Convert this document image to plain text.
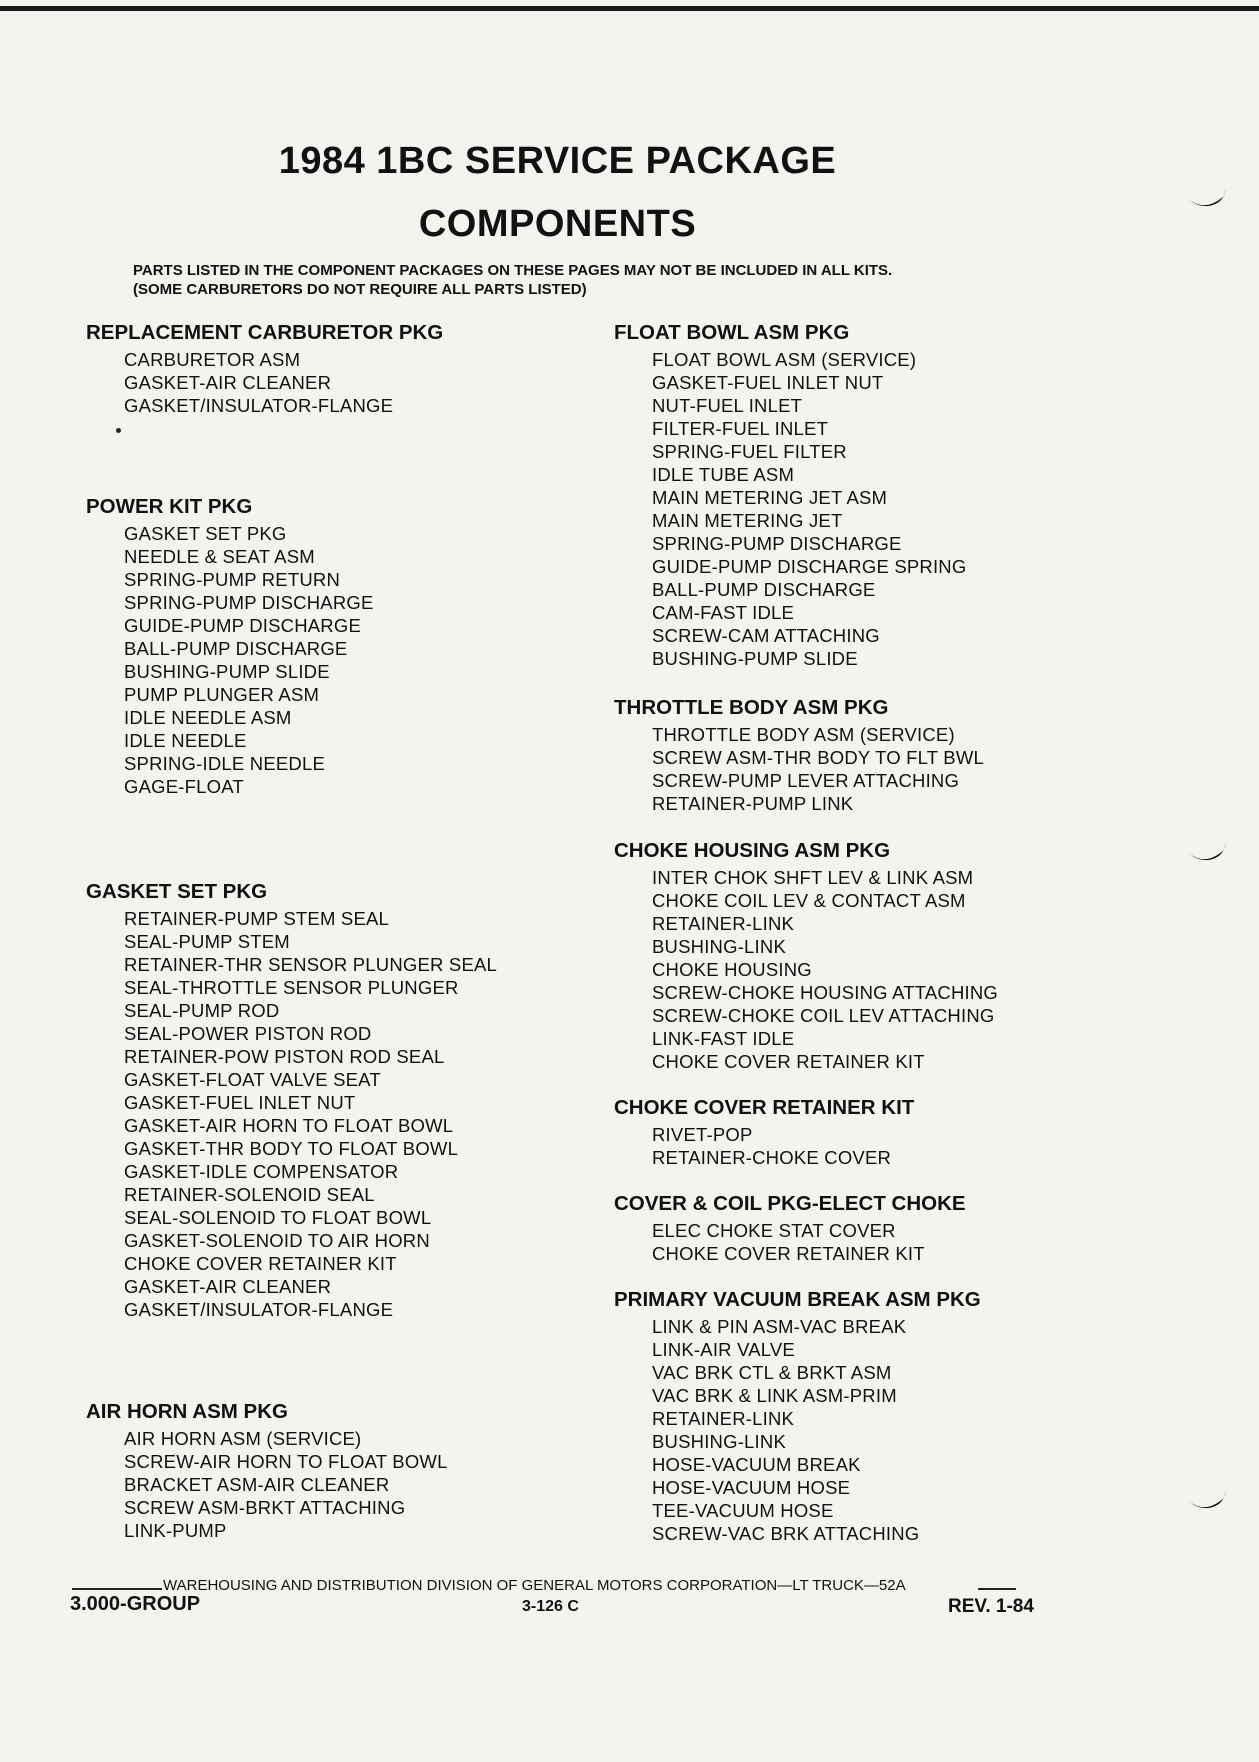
1984 1BC SERVICE PACKAGE
COMPONENTS

PARTS LISTED IN THE COMPONENT PACKAGES ON THESE PAGES MAY NOT BE INCLUDED IN ALL KITS.

(SOME CARBURETORS DO NOT REQUIRE ALL PARTS LISTED)

REPLACEMENT CARBURETOR PKG
CARBURETOR ASM
GASKET-AIR CLEANER
GASKET/INSULATOR-FLANGE
POWER KIT PKG
GASKET SET PKG
NEEDLE & SEAT ASM
SPRING-PUMP RETURN
SPRING-PUMP DISCHARGE
GUIDE-PUMP DISCHARGE
BALL-PUMP DISCHARGE
BUSHING-PUMP SLIDE
PUMP PLUNGER ASM
IDLE NEEDLE ASM
IDLE NEEDLE
SPRING-IDLE NEEDLE
GAGE-FLOAT
GASKET SET PKG
RETAINER-PUMP STEM SEAL
SEAL-PUMP STEM
RETAINER-THR SENSOR PLUNGER SEAL
SEAL-THROTTLE SENSOR PLUNGER
SEAL-PUMP ROD
SEAL-POWER PISTON ROD
RETAINER-POW PISTON ROD SEAL
GASKET-FLOAT VALVE SEAT
GASKET-FUEL INLET NUT
GASKET-AIR HORN TO FLOAT BOWL
GASKET-THR BODY TO FLOAT BOWL
GASKET-IDLE COMPENSATOR
RETAINER-SOLENOID SEAL
SEAL-SOLENOID TO FLOAT BOWL
GASKET-SOLENOID TO AIR HORN
CHOKE COVER RETAINER KIT
GASKET-AIR CLEANER
GASKET/INSULATOR-FLANGE
AIR HORN ASM PKG
AIR HORN ASM (SERVICE)
SCREW-AIR HORN TO FLOAT BOWL
BRACKET ASM-AIR CLEANER
SCREW ASM-BRKT ATTACHING
LINK-PUMP
FLOAT BOWL ASM PKG
FLOAT BOWL ASM (SERVICE)
GASKET-FUEL INLET NUT
NUT-FUEL INLET
FILTER-FUEL INLET
SPRING-FUEL FILTER
IDLE TUBE ASM
MAIN METERING JET ASM
MAIN METERING JET
SPRING-PUMP DISCHARGE
GUIDE-PUMP DISCHARGE SPRING
BALL-PUMP DISCHARGE
CAM-FAST IDLE
SCREW-CAM ATTACHING
BUSHING-PUMP SLIDE
THROTTLE BODY ASM PKG
THROTTLE BODY ASM (SERVICE)
SCREW ASM-THR BODY TO FLT BWL
SCREW-PUMP LEVER ATTACHING
RETAINER-PUMP LINK
CHOKE HOUSING ASM PKG
INTER CHOK SHFT LEV & LINK ASM
CHOKE COIL LEV & CONTACT ASM
RETAINER-LINK
BUSHING-LINK
CHOKE HOUSING
SCREW-CHOKE HOUSING ATTACHING
SCREW-CHOKE COIL LEV ATTACHING
LINK-FAST IDLE
CHOKE COVER RETAINER KIT
CHOKE COVER RETAINER KIT
RIVET-POP
RETAINER-CHOKE COVER
COVER & COIL PKG-ELECT CHOKE
ELEC CHOKE STAT COVER
CHOKE COVER RETAINER KIT
PRIMARY VACUUM BREAK ASM PKG
LINK & PIN ASM-VAC BREAK
LINK-AIR VALVE
VAC BRK CTL & BRKT ASM
VAC BRK & LINK ASM-PRIM
RETAINER-LINK
BUSHING-LINK
HOSE-VACUUM BREAK
HOSE-VACUUM HOSE
TEE-VACUUM HOSE
SCREW-VAC BRK ATTACHING
WAREHOUSING AND DISTRIBUTION DIVISION OF GENERAL MOTORS CORPORATION—LT TRUCK—52A
3.000-GROUP	3-126 C	REV. 1-84
